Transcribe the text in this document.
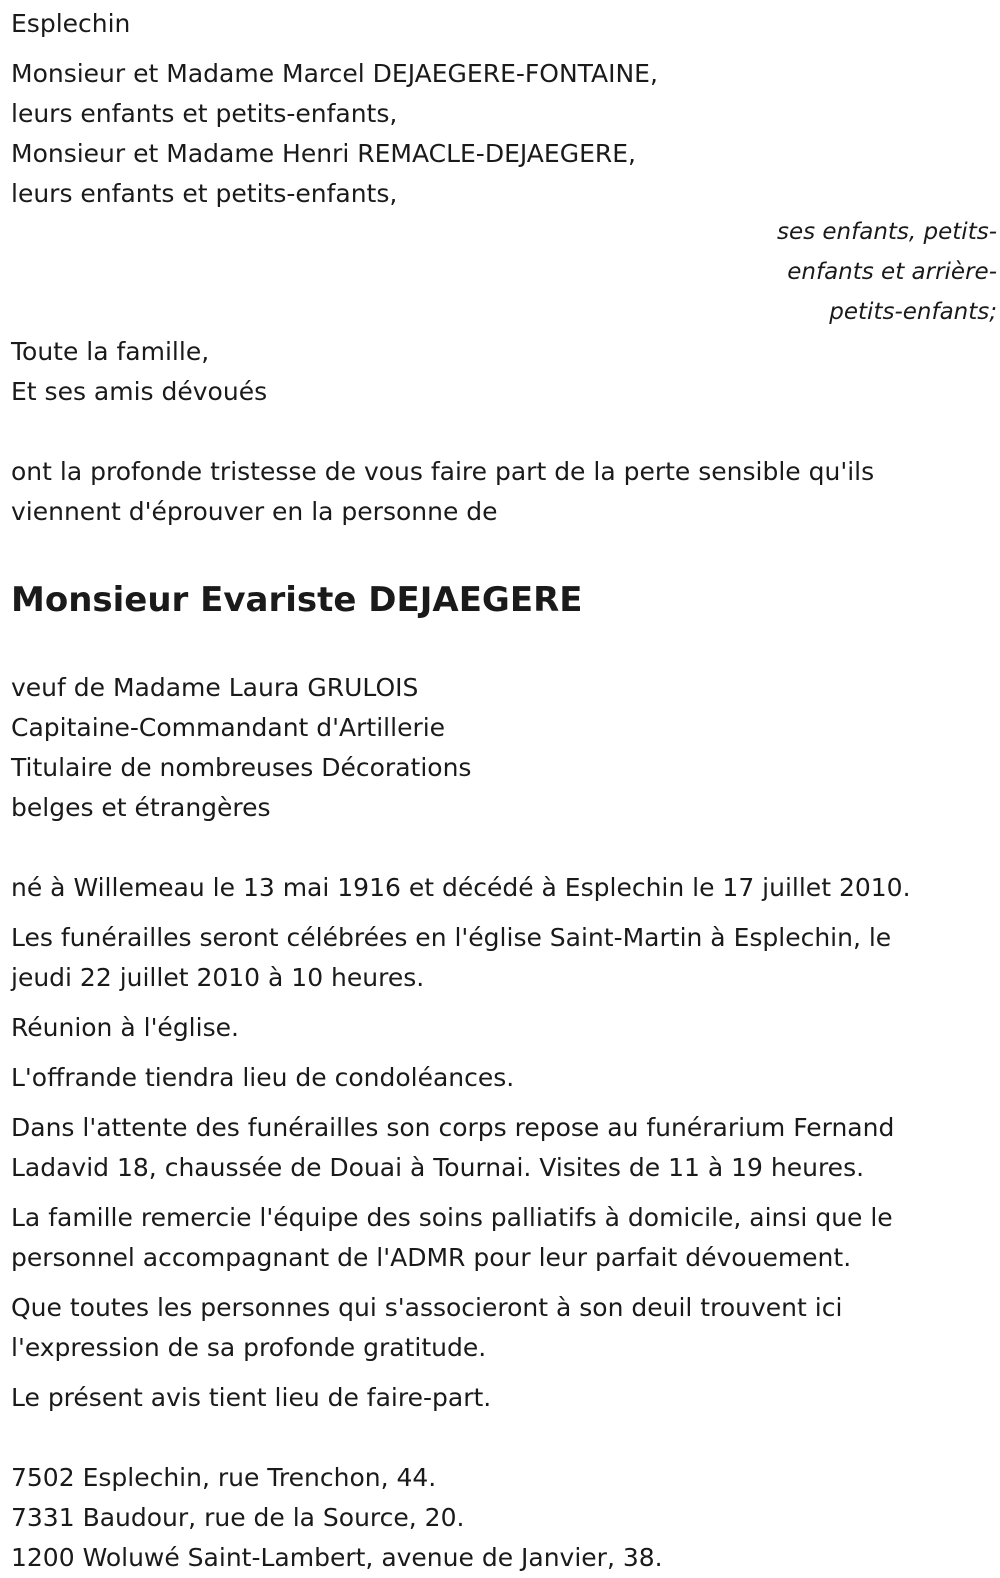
Esplechin
Monsieur et Madame Marcel DEJAEGERE-FONTAINE,
leurs enfants et petits-enfants,
Monsieur et Madame Henri REMACLE-DEJAEGERE,
leurs enfants et petits-enfants,
ses enfants, petits-
enfants et arrière-
petits-enfants;
Toute la famille,
Et ses amis dévoués
ont la profonde tristesse de vous faire part de la perte sensible qu'ils
viennent d'éprouver en la personne de
Monsieur Evariste DEJAEGERE
veuf de Madame Laura GRULOIS
Capitaine-Commandant d'Artillerie
Titulaire de nombreuses Décorations
belges et étrangères
né à Willemeau le 13 mai 1916 et décédé à Esplechin le 17 juillet 2010.
Les funérailles seront célébrées en l'église Saint-Martin à Esplechin, le
jeudi 22 juillet 2010 à 10 heures.
Réunion à l'église.
L'offrande tiendra lieu de condoléances.
Dans l'attente des funérailles son corps repose au funérarium Fernand
Ladavid 18, chaussée de Douai à Tournai. Visites de 11 à 19 heures.
La famille remercie l'équipe des soins palliatifs à domicile, ainsi que le
personnel accompagnant de l'ADMR pour leur parfait dévouement.
Que toutes les personnes qui s'associeront à son deuil trouvent ici
l'expression de sa profonde gratitude.
Le présent avis tient lieu de faire-part.
7502 Esplechin, rue Trenchon, 44.
7331 Baudour, rue de la Source, 20.
1200 Woluwé Saint-Lambert, avenue de Janvier, 38.
